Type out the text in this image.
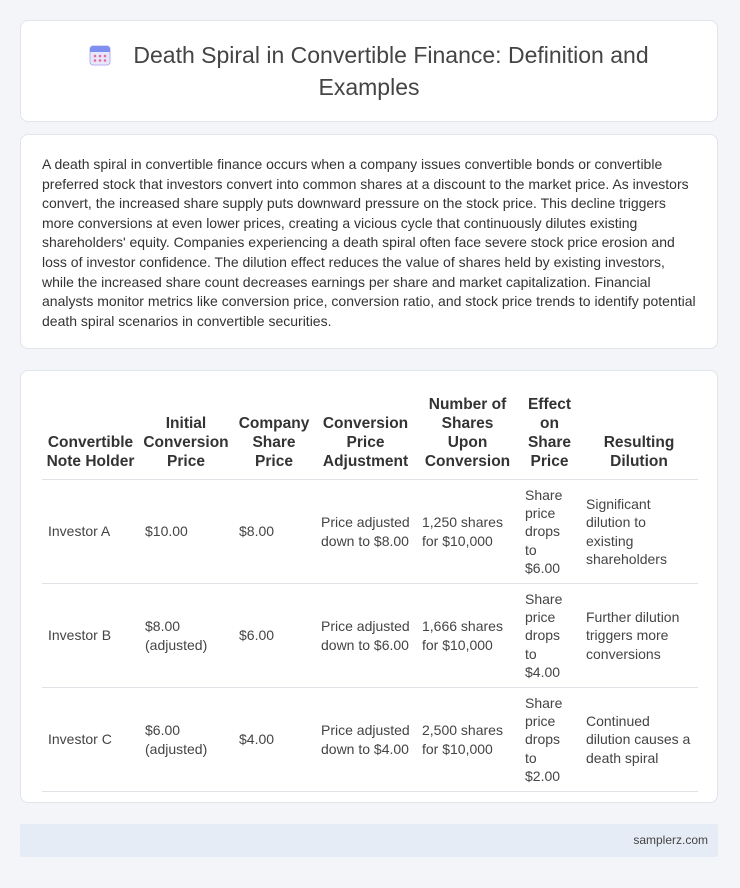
Death Spiral in Convertible Finance: Definition and Examples

A death spiral in convertible finance occurs when a company issues convertible bonds or convertible preferred stock that investors convert into common shares at a discount to the market price. As investors convert, the increased share supply puts downward pressure on the stock price. This decline triggers more conversions at even lower prices, creating a vicious cycle that continuously dilutes existing shareholders' equity. Companies experiencing a death spiral often face severe stock price erosion and loss of investor confidence. The dilution effect reduces the value of shares held by existing investors, while the increased share count decreases earnings per share and market capitalization. Financial analysts monitor metrics like conversion price, conversion ratio, and stock price trends to identify potential death spiral scenarios in convertible securities.

Convertible Note Holder	Initial Conversion Price	Company Share Price	Conversion Price Adjustment	Number of Shares Upon Conversion	Effect on Share Price	Resulting Dilution
Investor A	$10.00	$8.00	Price adjusted down to $8.00	1,250 shares for $10,000	Share price drops to $6.00	Significant dilution to existing shareholders
Investor B	$8.00 (adjusted)	$6.00	Price adjusted down to $6.00	1,666 shares for $10,000	Share price drops to $4.00	Further dilution triggers more conversions
Investor C	$6.00 (adjusted)	$4.00	Price adjusted down to $4.00	2,500 shares for $10,000	Share price drops to $2.00	Continued dilution causes a death spiral
samplerz.com
